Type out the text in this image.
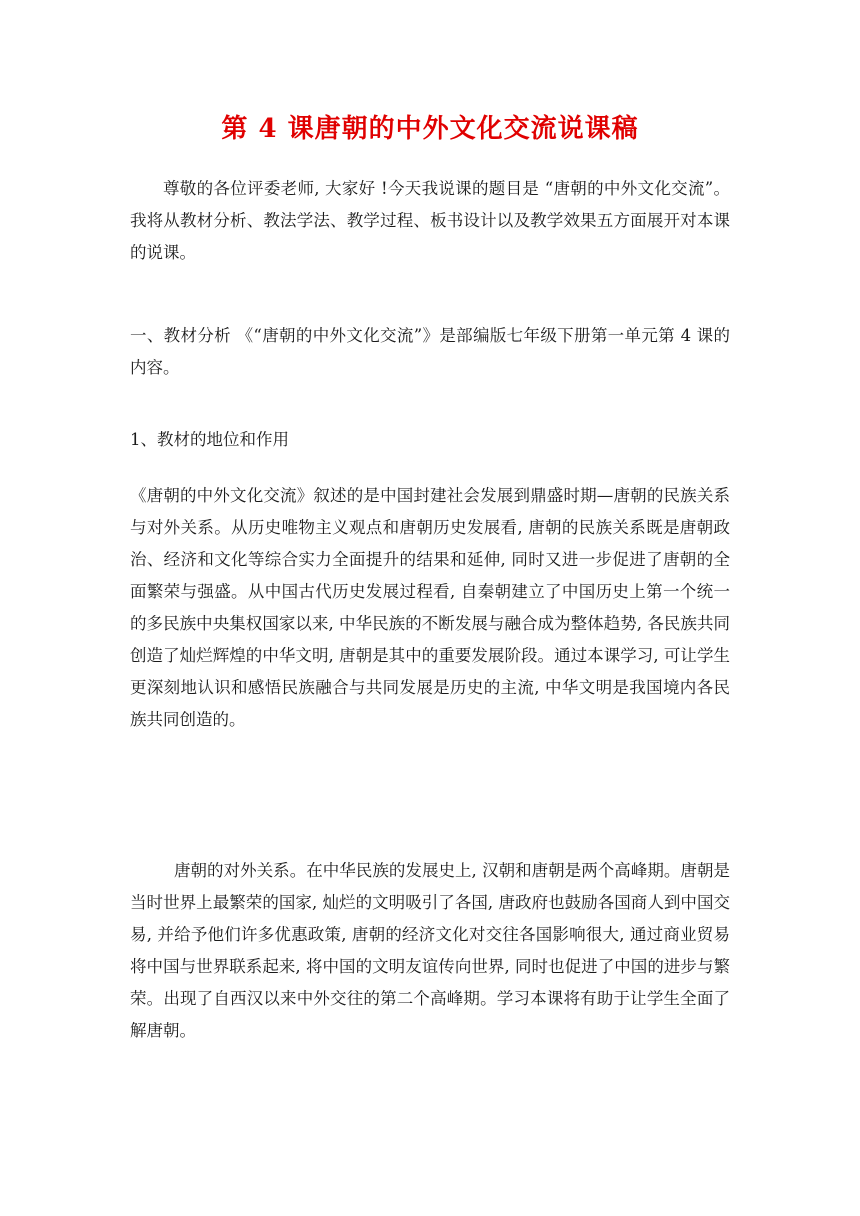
第 4 课唐朝的中外文化交流说课稿

尊敬的各位评委老师, 大家好 !今天我说课的题目是 “唐朝的中外文化交流”。我将从教材分析、教法学法、教学过程、板书设计以及教学效果五方面展开对本课的说课。

一、教材分析 《“唐朝的中外文化交流”》是部编版七年级下册第一单元第 4 课的内容。

1、教材的地位和作用

《唐朝的中外文化交流》叙述的是中国封建社会发展到鼎盛时期—唐朝的民族关系与对外关系。从历史唯物主义观点和唐朝历史发展看, 唐朝的民族关系既是唐朝政治、经济和文化等综合实力全面提升的结果和延伸, 同时又进一步促进了唐朝的全面繁荣与强盛。从中国古代历史发展过程看, 自秦朝建立了中国历史上第一个统一的多民族中央集权国家以来, 中华民族的不断发展与融合成为整体趋势, 各民族共同创造了灿烂辉煌的中华文明, 唐朝是其中的重要发展阶段。通过本课学习, 可让学生更深刻地认识和感悟民族融合与共同发展是历史的主流, 中华文明是我国境内各民族共同创造的。

唐朝的对外关系。在中华民族的发展史上, 汉朝和唐朝是两个高峰期。唐朝是当时世界上最繁荣的国家, 灿烂的文明吸引了各国, 唐政府也鼓励各国商人到中国交易, 并给予他们许多优惠政策, 唐朝的经济文化对交往各国影响很大, 通过商业贸易将中国与世界联系起来, 将中国的文明友谊传向世界, 同时也促进了中国的进步与繁荣。出现了自西汉以来中外交往的第二个高峰期。学习本课将有助于让学生全面了解唐朝。
